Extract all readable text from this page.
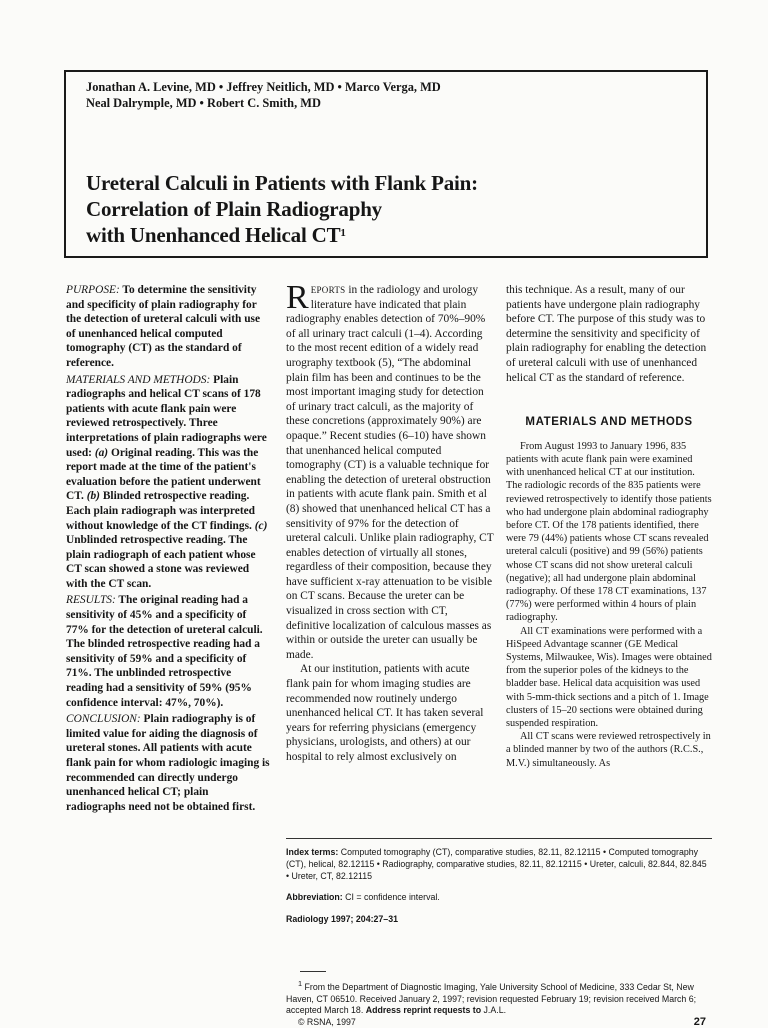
Jonathan A. Levine, MD • Jeffrey Neitlich, MD • Marco Verga, MD
Neal Dalrymple, MD • Robert C. Smith, MD
Ureteral Calculi in Patients with Flank Pain:
Correlation of Plain Radiography
with Unenhanced Helical $CT^1$

PURPOSE: To determine the sensitivity and specificity of plain radiography for the detection of ureteral calculi with use of unenhanced helical computed tomography (CT) as the standard of reference.

MATERIALS AND METHODS: Plain radiographs and helical CT scans of 178 patients with acute flank pain were reviewed retrospectively. Three interpretations of plain radiographs were used: (a) Original reading. This was the report made at the time of the patient's evaluation before the patient underwent CT. (b) Blinded retrospective reading. Each plain radiograph was interpreted without knowledge of the CT findings. (c) Unblinded retrospective reading. The plain radiograph of each patient whose CT scan showed a stone was reviewed with the CT scan.

RESULTS: The original reading had a sensitivity of 45% and a specificity of 77% for the detection of ureteral calculi. The blinded retrospective reading had a sensitivity of 59% and a specificity of 71%. The unblinded retrospective reading had a sensitivity of 59% (95% confidence interval: 47%, 70%).

CONCLUSION: Plain radiography is of limited value for aiding the diagnosis of ureteral stones. All patients with acute flank pain for whom radiologic imaging is recommended can directly undergo unenhanced helical CT; plain radiographs need not be obtained first.

REPORTS in the radiology and urology literature have indicated that plain radiography enables detection of 70%–90% of all urinary tract calculi (1–4). According to the most recent edition of a widely read urography textbook (5), “The abdominal plain film has been and continues to be the most important imaging study for detection of urinary tract calculi, as the majority of these concretions (approximately 90%) are opaque.” Recent studies (6–10) have shown that unenhanced helical computed tomography (CT) is a valuable technique for enabling the detection of ureteral obstruction in patients with acute flank pain. Smith et al (8) showed that unenhanced helical CT has a sensitivity of 97% for the detection of ureteral calculi. Unlike plain radiography, CT enables detection of virtually all stones, regardless of their composition, because they have sufficient x-ray attenuation to be visible on CT scans. Because the ureter can be visualized in cross section with CT, definitive localization of calculous masses as within or outside the ureter can usually be made.

At our institution, patients with acute flank pain for whom imaging studies are recommended now routinely undergo unenhanced helical CT. It has taken several years for referring physicians (emergency physicians, urologists, and others) at our hospital to rely almost exclusively on

this technique. As a result, many of our patients have undergone plain radiography before CT. The purpose of this study was to determine the sensitivity and specificity of plain radiography for enabling the detection of ureteral calculi with use of unenhanced helical CT as the standard of reference.

MATERIALS AND METHODS

From August 1993 to January 1996, 835 patients with acute flank pain were examined with unenhanced helical CT at our institution. The radiologic records of the 835 patients were reviewed retrospectively to identify those patients who had undergone plain abdominal radiography before CT. Of the 178 patients identified, there were 79 (44%) patients whose CT scans revealed ureteral calculi (positive) and 99 (56%) patients whose CT scans did not show ureteral calculi (negative); all had undergone plain abdominal radiography. Of these 178 CT examinations, 137 (77%) were performed within 4 hours of plain radiography.

All CT examinations were performed with a HiSpeed Advantage scanner (GE Medical Systems, Milwaukee, Wis). Images were obtained from the superior poles of the kidneys to the bladder base. Helical data acquisition was used with 5-mm-thick sections and a pitch of 1. Image clusters of 15–20 sections were obtained during suspended respiration.

All CT scans were reviewed retrospectively in a blinded manner by two of the authors (R.C.S., M.V.) simultaneously. As

Index terms: Computed tomography (CT), comparative studies, 82.11, 82.12115 • Computed tomography (CT), helical, 82.12115 • Radiography, comparative studies, 82.11, 82.12115 • Ureter, calculi, 82.844, 82.845 • Ureter, CT, 82.12115
Abbreviation: CI = confidence interval.
Radiology 1997; 204:27–31
$^1$ From the Department of Diagnostic Imaging, Yale University School of Medicine, 333 Cedar St, New Haven, CT 06510. Received January 2, 1997; revision requested February 19; revision received March 6; accepted March 18. Address reprint requests to J.A.L.
© RSNA, 1997	27
